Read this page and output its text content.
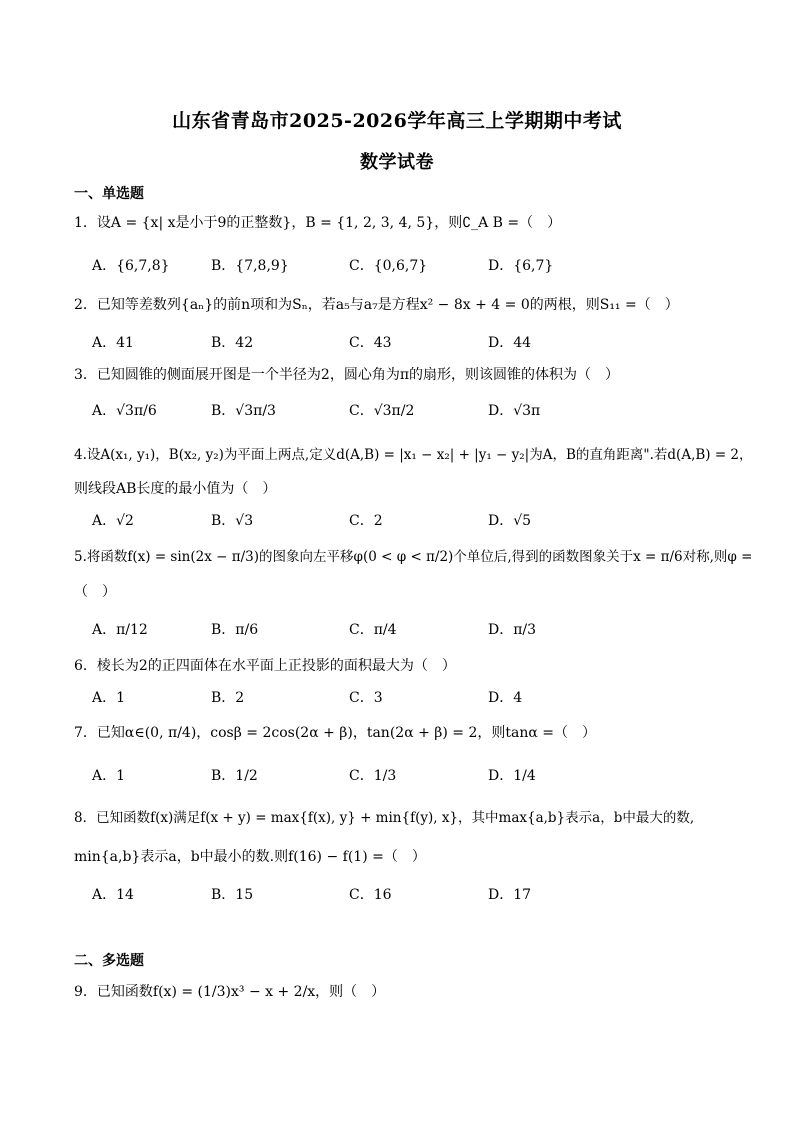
山东省青岛市2025-2026学年高三上学期期中考试
数学试卷
一、单选题
1．设A = {x| x是小于9的正整数}，B = {1, 2, 3, 4, 5}，则∁_A B =（　）
A．{6,7,8}	B．{7,8,9}	C．{0,6,7}	D．{6,7}
2．已知等差数列{aₙ}的前n项和为Sₙ，若a₅与a₇是方程x² − 8x + 4 = 0的两根，则S₁₁ =（　）
A．41	B．42	C．43	D．44
3．已知圆锥的侧面展开图是一个半径为2，圆心角为π的扇形，则该圆锥的体积为（　）
A．√3π/6	B．√3π/3	C．√3π/2	D．√3π
4.设A(x₁, y₁)，B(x₂, y₂)为平面上两点,定义d(A,B) = |x₁ − x₂| + |y₁ − y₂|为A，B的直角距离".若d(A,B) = 2，
则线段AB长度的最小值为（　）
A．√2	B．√3	C．2	D．√5
5.将函数f(x) = sin(2x − π/3)的图象向左平移φ(0 < φ < π/2)个单位后,得到的函数图象关于x = π/6对称,则φ =
（　）
A．π/12	B．π/6	C．π/4	D．π/3
6．棱长为2的正四面体在水平面上正投影的面积最大为（　）
A．1	B．2	C．3	D．4
7．已知α∈(0, π/4)，cosβ = 2cos(2α + β)，tan(2α + β) = 2，则tanα =（　）
A．1	B．1/2	C．1/3	D．1/4
8．已知函数f(x)满足f(x + y) = max{f(x), y} + min{f(y), x}，其中max{a,b}表示a，b中最大的数,
min{a,b}表示a，b中最小的数.则f(16) − f(1) =（　）
A．14	B．15	C．16	D．17
二、多选题
9．已知函数f(x) = (1/3)x³ − x + 2/x，则（　）
